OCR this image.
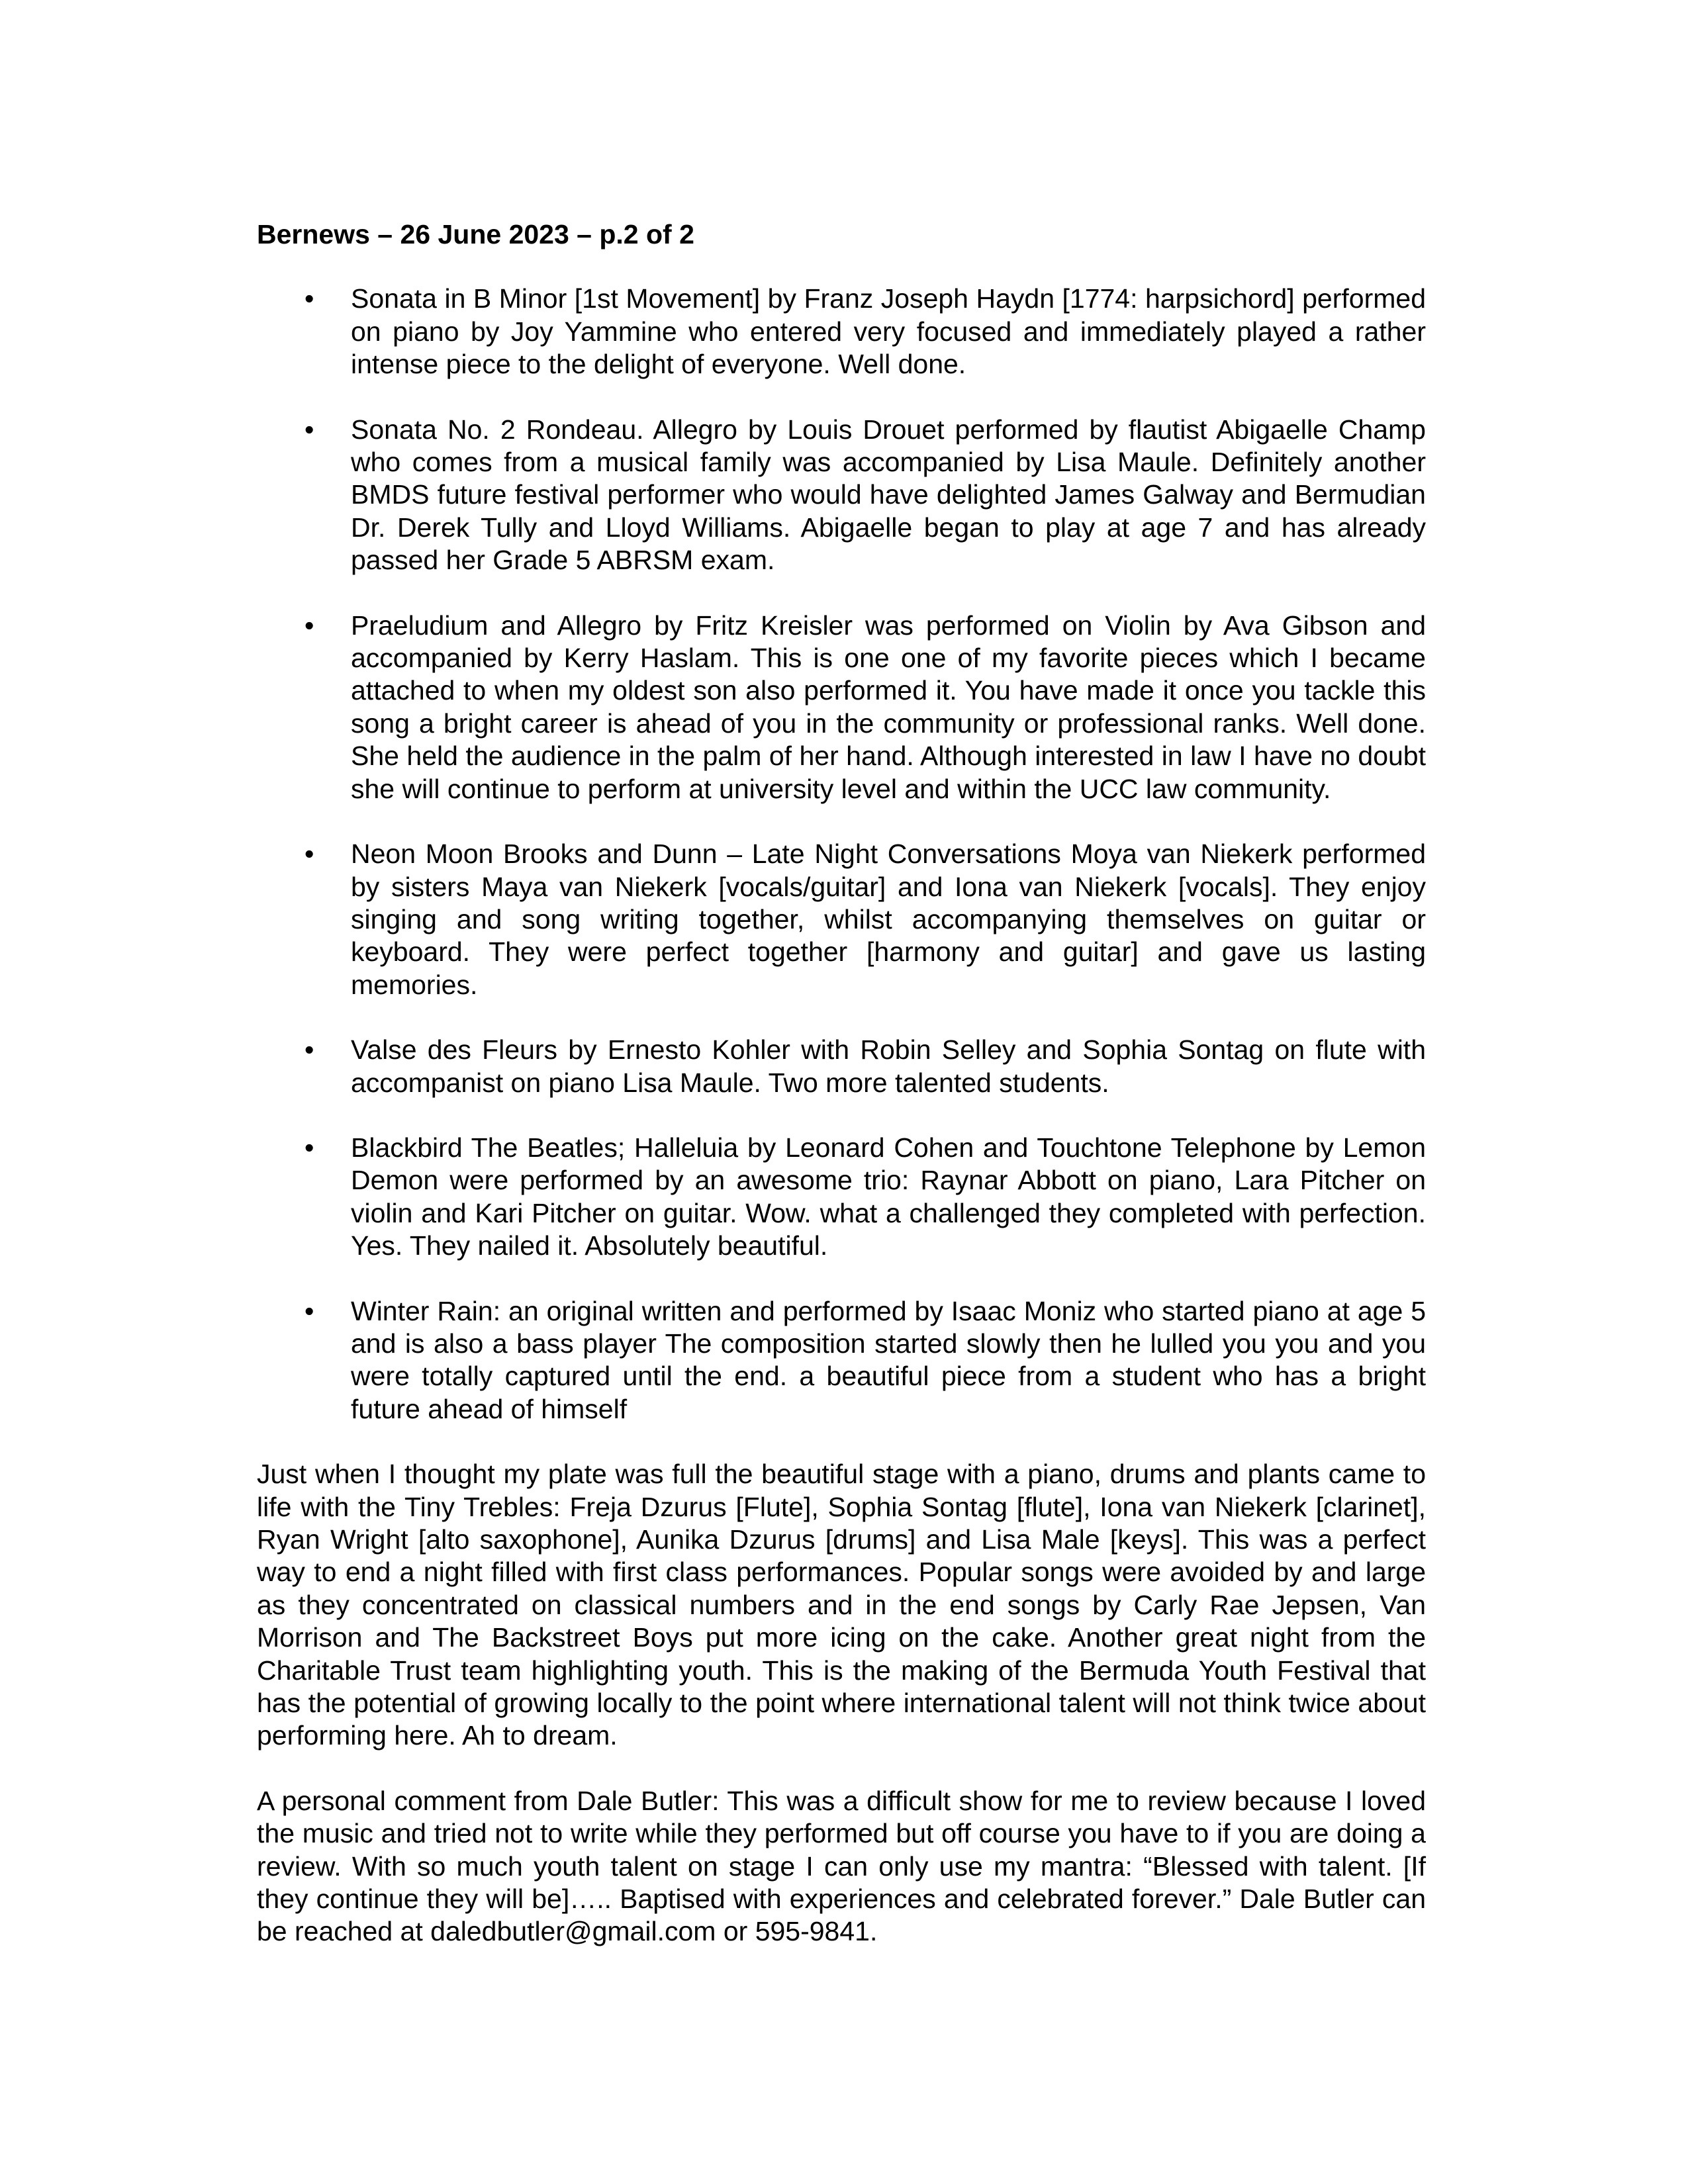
Bernews – 26 June 2023 – p.2 of 2
• Sonata in B Minor [1st Movement] by Franz Joseph Haydn [1774: harpsichord] performed on piano by Joy Yammine who entered very focused and immediately played a rather intense piece to the delight of everyone. Well done.
• Sonata No. 2 Rondeau. Allegro by Louis Drouet performed by flautist Abigaelle Champ who comes from a musical family was accompanied by Lisa Maule. Definitely another BMDS future festival performer who would have delighted James Galway and Bermudian Dr. Derek Tully and Lloyd Williams. Abigaelle began to play at age 7 and has already passed her Grade 5 ABRSM exam.
• Praeludium and Allegro by Fritz Kreisler was performed on Violin by Ava Gibson and accompanied by Kerry Haslam. This is one one of my favorite pieces which I became attached to when my oldest son also performed it. You have made it once you tackle this song a bright career is ahead of you in the community or professional ranks. Well done. She held the audience in the palm of her hand. Although interested in law I have no doubt she will continue to perform at university level and within the UCC law community.
• Neon Moon Brooks and Dunn – Late Night Conversations Moya van Niekerk performed by sisters Maya van Niekerk [vocals/guitar] and Iona van Niekerk [vocals]. They enjoy singing and song writing together, whilst accompanying themselves on guitar or keyboard. They were perfect together [harmony and guitar] and gave us lasting memories.
• Valse des Fleurs by Ernesto Kohler with Robin Selley and Sophia Sontag on flute with accompanist on piano Lisa Maule. Two more talented students.
• Blackbird The Beatles; Halleluia by Leonard Cohen and Touchtone Telephone by Lemon Demon were performed by an awesome trio: Raynar Abbott on piano, Lara Pitcher on violin and Kari Pitcher on guitar. Wow. what a challenged they completed with perfection. Yes. They nailed it. Absolutely beautiful.
• Winter Rain: an original written and performed by Isaac Moniz who started piano at age 5 and is also a bass player The composition started slowly then he lulled you you and you were totally captured until the end. a beautiful piece from a student who has a bright future ahead of himself

Just when I thought my plate was full the beautiful stage with a piano, drums and plants came to life with the Tiny Trebles: Freja Dzurus [Flute], Sophia Sontag [flute], Iona van Niekerk [clarinet], Ryan Wright [alto saxophone], Aunika Dzurus [drums] and Lisa Male [keys]. This was a perfect way to end a night filled with first class performances. Popular songs were avoided by and large as they concentrated on classical numbers and in the end songs by Carly Rae Jepsen, Van Morrison and The Backstreet Boys put more icing on the cake. Another great night from the Charitable Trust team highlighting youth. This is the making of the Bermuda Youth Festival that has the potential of growing locally to the point where international talent will not think twice about performing here. Ah to dream.

A personal comment from Dale Butler: This was a difficult show for me to review because I loved the music and tried not to write while they performed but off course you have to if you are doing a review. With so much youth talent on stage I can only use my mantra: “Blessed with talent. [If they continue they will be]….. Baptised with experiences and celebrated forever.” Dale Butler can be reached at daledbutler@gmail.com or 595-9841.
